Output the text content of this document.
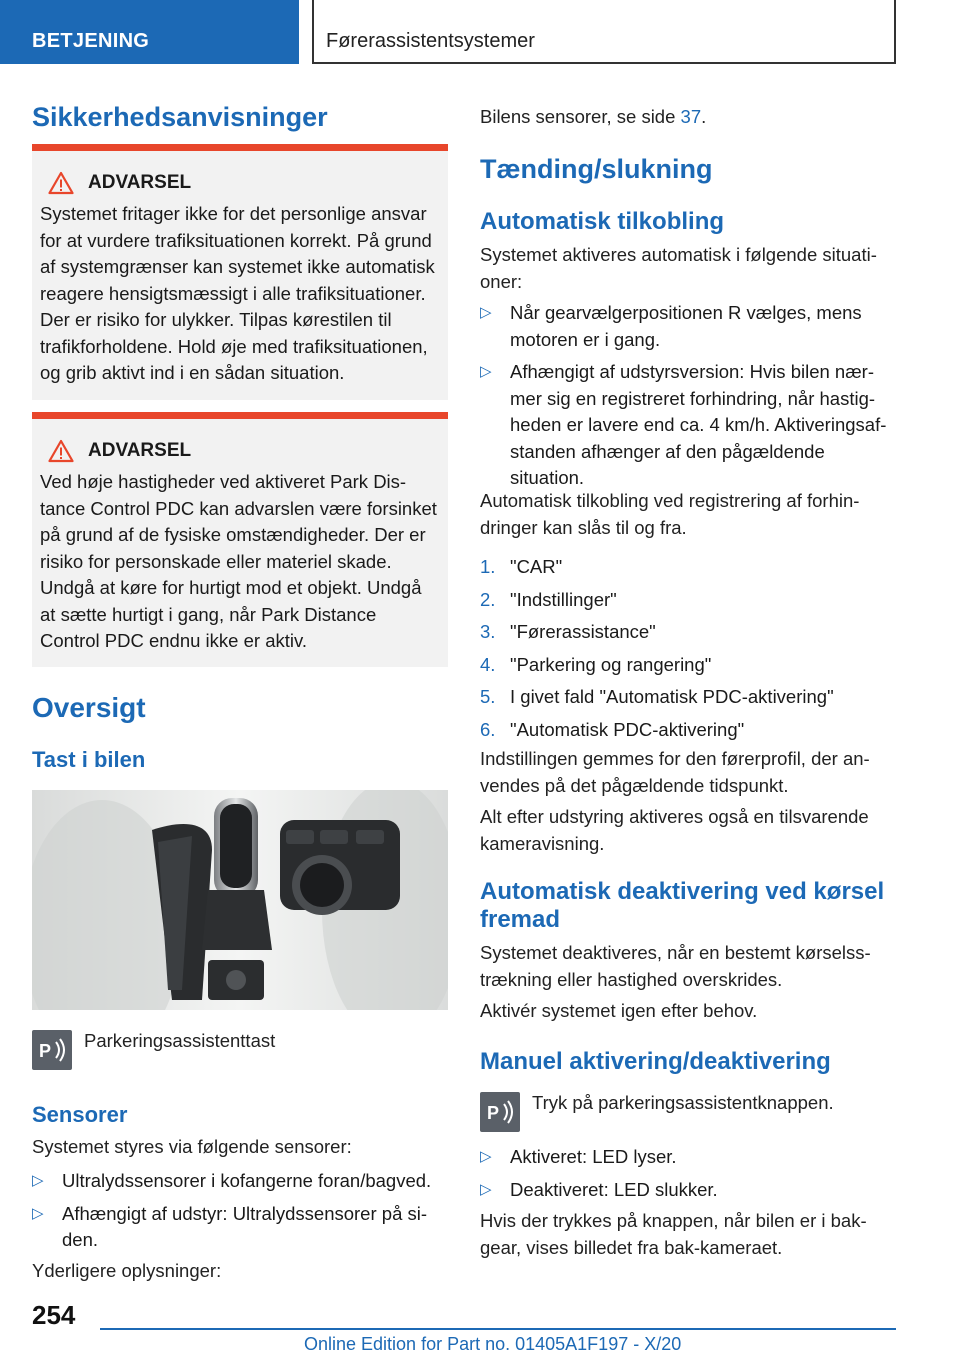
BETJENING	Førerassistentsystemer
Sikkerhedsanvisninger
ADVARSEL
Systemet fritager ikke for det personlige ansvar for at vurdere trafiksituationen korrekt. På grund af systemgrænser kan systemet ikke automatisk reagere hensigtsmæssigt i alle trafiksituationer. Der er risiko for ulykker. Tilpas kørestilen til trafikforholdene. Hold øje med trafiksituationen, og grib aktivt ind i en sådan situation.
ADVARSEL
Ved høje hastigheder ved aktiveret Park Distance Control PDC kan advarslen være forsinket på grund af de fysiske omstændigheder. Der er risiko for personskade eller materiel skade. Undgå at køre for hurtigt mod et objekt. Undgå at sætte hurtigt i gang, når Park Distance Control PDC endnu ikke er aktiv.
Oversigt
Tast i bilen
P Parkeringsassistenttast
Sensorer
Systemet styres via følgende sensorer:
▷ Ultralydssensorer i kofangerne foran/bagved.
▷ Afhængigt af udstyr: Ultralydssensorer på siden.
Yderligere oplysninger:
Bilens sensorer, se side 37.
Tænding/slukning
Automatisk tilkobling
Systemet aktiveres automatisk i følgende situationer:
▷ Når gearvælgerpositionen R vælges, mens motoren er i gang.
▷ Afhængigt af udstyrsversion: Hvis bilen nærmer sig en registreret forhindring, når hastigheden er lavere end ca. 4 km/h. Aktiveringsafstanden afhænger af den pågældende situation.
Automatisk tilkobling ved registrering af forhindringer kan slås til og fra.
1. "CAR"
2. "Indstillinger"
3. "Førerassistance"
4. "Parkering og rangering"
5. I givet fald "Automatisk PDC-aktivering"
6. "Automatisk PDC-aktivering"
Indstillingen gemmes for den førerprofil, der anvendes på det pågældende tidspunkt.
Alt efter udstyring aktiveres også en tilsvarende kameravisning.
Automatisk deaktivering ved kørsel fremad
Systemet deaktiveres, når en bestemt kørselsstrækning eller hastighed overskrides.
Aktivér systemet igen efter behov.
Manuel aktivering/deaktivering
P Tryk på parkeringsassistentknappen.
▷ Aktiveret: LED lyser.
▷ Deaktiveret: LED slukker.
Hvis der trykkes på knappen, når bilen er i bakgear, vises billedet fra bak-kameraet.
254
Online Edition for Part no. 01405A1F197 - X/20
